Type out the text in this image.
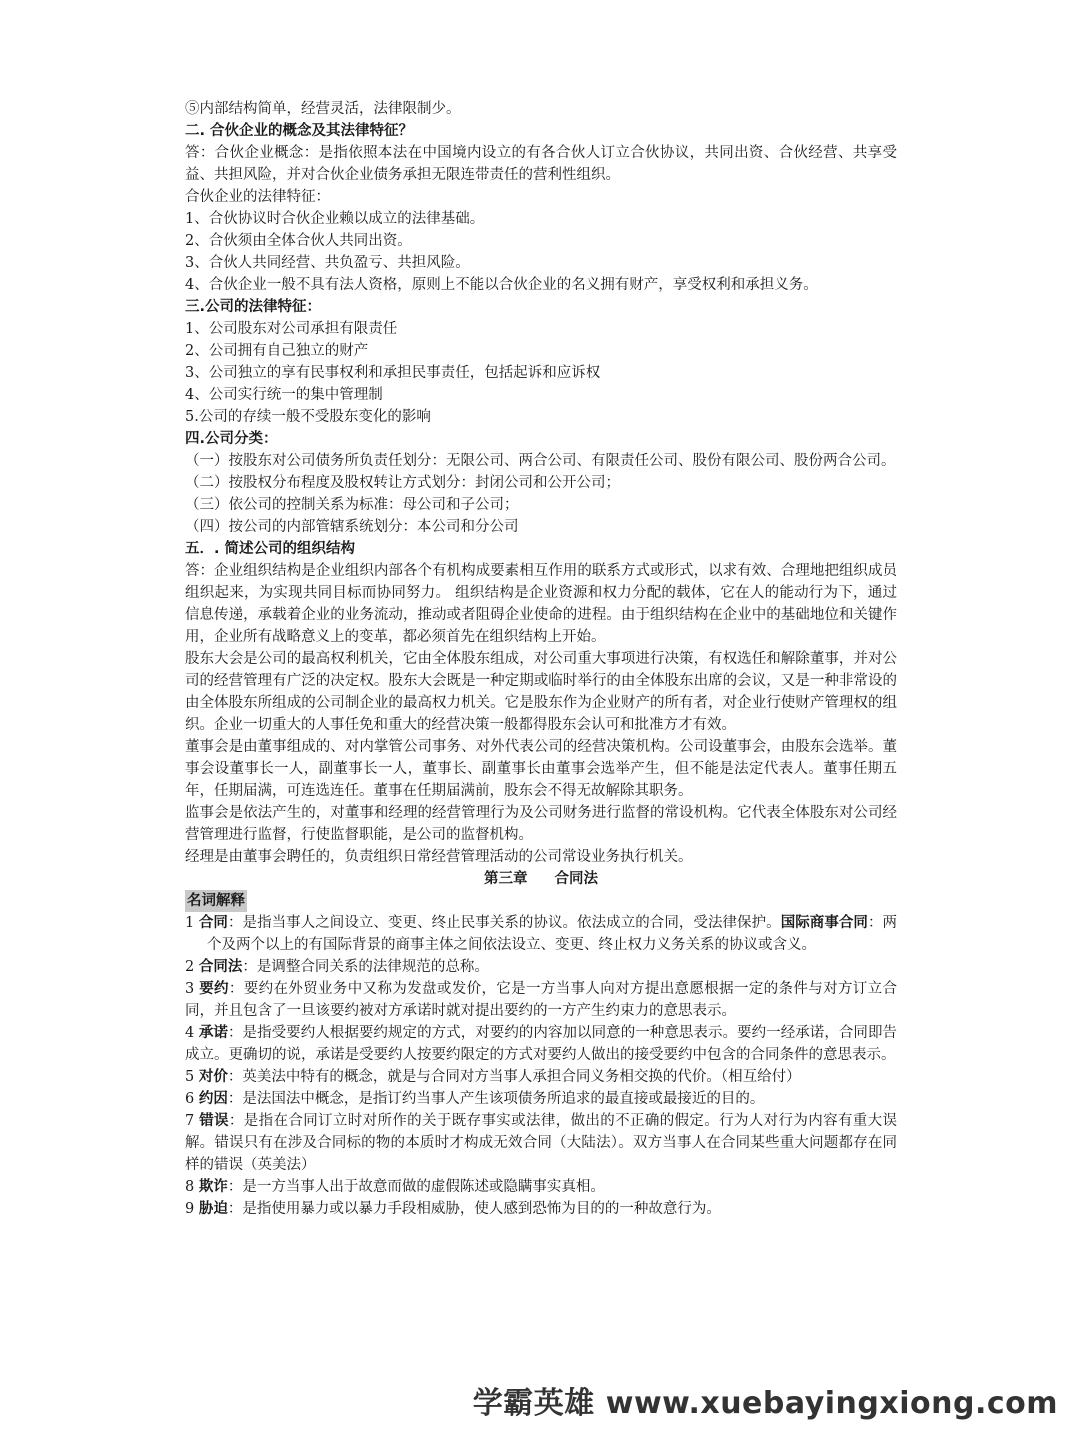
⑤内部结构简单，经营灵活，法律限制少。

二. 合伙企业的概念及其法律特征？

答：合伙企业概念：是指依照本法在中国境内设立的有各合伙人订立合伙协议，共同出资、合伙经营、共享受益、共担风险，并对合伙企业债务承担无限连带责任的营利性组织。

合伙企业的法律特征：

1、合伙协议时合伙企业赖以成立的法律基础。

2、合伙须由全体合伙人共同出资。

3、合伙人共同经营、共负盈亏、共担风险。

4、合伙企业一般不具有法人资格，原则上不能以合伙企业的名义拥有财产，享受权利和承担义务。

三.公司的法律特征：

1、公司股东对公司承担有限责任

2、公司拥有自己独立的财产

3、公司独立的享有民事权利和承担民事责任，包括起诉和应诉权

4、公司实行统一的集中管理制

5.公司的存续一般不受股东变化的影响

四.公司分类：

（一）按股东对公司债务所负责任划分：无限公司、两合公司、有限责任公司、股份有限公司、股份两合公司。

（二）按股权分布程度及股权转让方式划分：封闭公司和公开公司；

（三）依公司的控制关系为标准：母公司和子公司；

（四）按公司的内部管辖系统划分：本公司和分公司

五．. 简述公司的组织结构

答：企业组织结构是企业组织内部各个有机构成要素相互作用的联系方式或形式，以求有效、合理地把组织成员组织起来，为实现共同目标而协同努力。 组织结构是企业资源和权力分配的载体，它在人的能动行为下，通过信息传递，承载着企业的业务流动，推动或者阻碍企业使命的进程。由于组织结构在企业中的基础地位和关键作用，企业所有战略意义上的变革，都必须首先在组织结构上开始。

股东大会是公司的最高权利机关，它由全体股东组成，对公司重大事项进行决策，有权选任和解除董事，并对公司的经营管理有广泛的决定权。股东大会既是一种定期或临时举行的由全体股东出席的会议，又是一种非常设的由全体股东所组成的公司制企业的最高权力机关。它是股东作为企业财产的所有者，对企业行使财产管理权的组织。企业一切重大的人事任免和重大的经营决策一般都得股东会认可和批准方才有效。

董事会是由董事组成的、对内掌管公司事务、对外代表公司的经营决策机构。公司设董事会，由股东会选举。董事会设董事长一人，副董事长一人，董事长、副董事长由董事会选举产生，但不能是法定代表人。董事任期五年，任期届满，可连选连任。董事在任期届满前，股东会不得无故解除其职务。

监事会是依法产生的，对董事和经理的经营管理行为及公司财务进行监督的常设机构。它代表全体股东对公司经营管理进行监督，行使监督职能，是公司的监督机构。

经理是由董事会聘任的，负责组织日常经营管理活动的公司常设业务执行机关。

第三章 合同法

名词解释

1 合同：是指当事人之间设立、变更、终止民事关系的协议。依法成立的合同，受法律保护。国际商事合同：两个及两个以上的有国际背景的商事主体之间依法设立、变更、终止权力义务关系的协议或含义。

2 合同法：是调整合同关系的法律规范的总称。

3 要约：要约在外贸业务中又称为发盘或发价，它是一方当事人向对方提出意愿根据一定的条件与对方订立合同，并且包含了一旦该要约被对方承诺时就对提出要约的一方产生约束力的意思表示。

4 承诺：是指受要约人根据要约规定的方式，对要约的内容加以同意的一种意思表示。要约一经承诺，合同即告成立。更确切的说，承诺是受要约人按要约限定的方式对要约人做出的接受要约中包含的合同条件的意思表示。

5 对价：英美法中特有的概念，就是与合同对方当事人承担合同义务相交换的代价。（相互给付）

6 约因：是法国法中概念，是指订约当事人产生该项债务所追求的最直接或最接近的目的。

7 错误：是指在合同订立时对所作的关于既存事实或法律，做出的不正确的假定。行为人对行为内容有重大误解。错误只有在涉及合同标的物的本质时才构成无效合同（大陆法）。双方当事人在合同某些重大问题都存在同样的错误（英美法）

8 欺诈：是一方当事人出于故意而做的虚假陈述或隐瞒事实真相。

9 胁迫：是指使用暴力或以暴力手段相威胁，使人感到恐怖为目的的一种故意行为。

学霸英雄 www.xuebayingxiong.com
